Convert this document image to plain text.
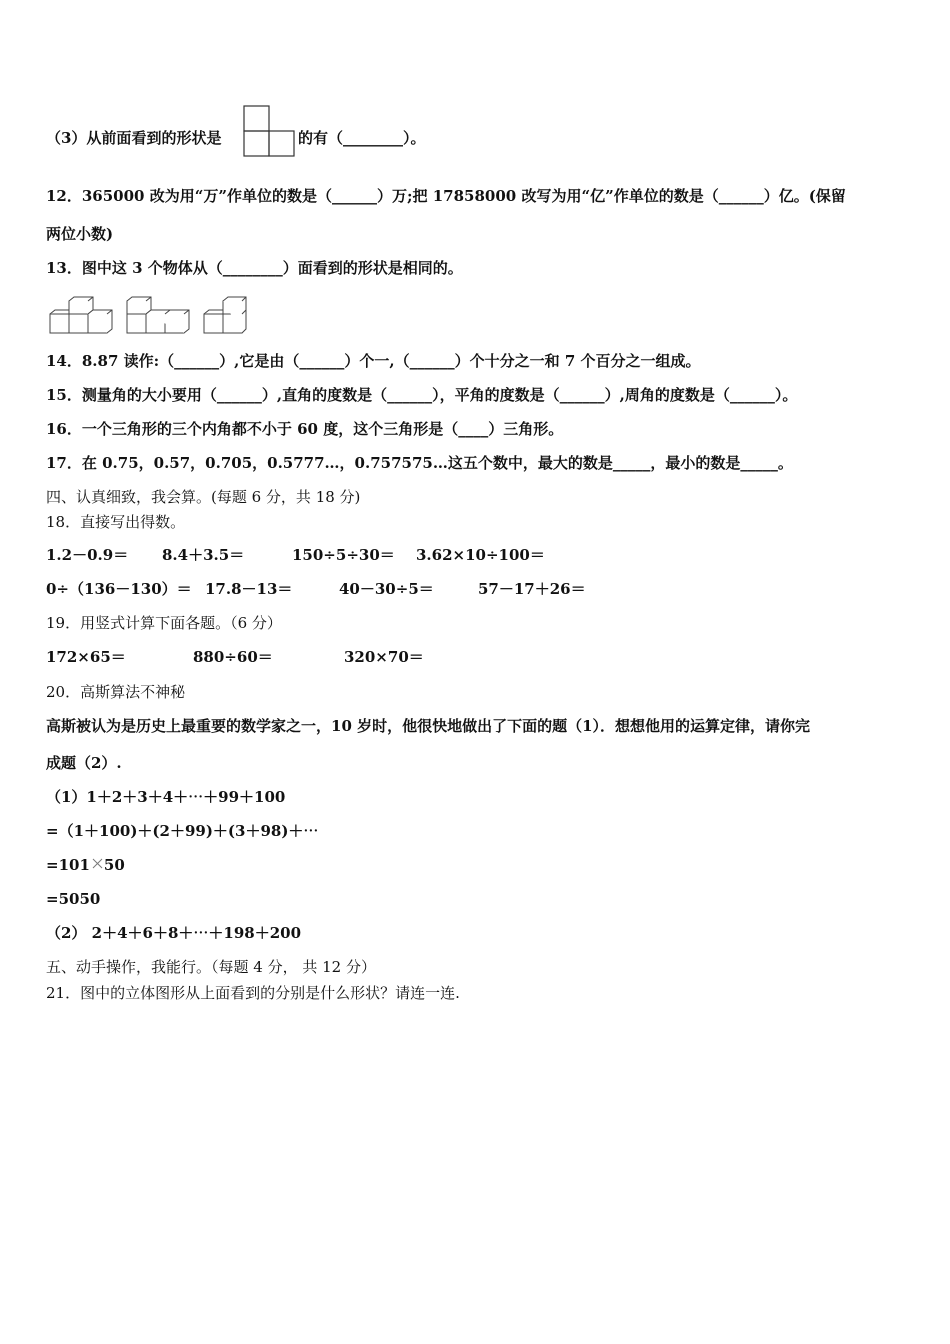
（3）从前面看到的形状是	的有（________）。
12．365000 改为用“万”作单位的数是（______）万;把 17858000 改写为用“亿”作单位的数是（______）亿。(保留
两位小数)
13．图中这 3 个物体从（________）面看到的形状是相同的。
14．8.87 读作:（______）,它是由（______）个一,（______）个十分之一和 7 个百分之一组成。
15．测量角的大小要用（______）,直角的度数是（______），平角的度数是（______）,周角的度数是（______）。
16．一个三角形的三个内角都不小于 60 度，这个三角形是（____）三角形。
17．在 0.75，0.57，0.705，0.5777…，0.757575…这五个数中，最大的数是_____，最小的数是_____。
四、认真细致，我会算。(每题 6 分，共 18 分)
18．直接写出得数。
1.2－0.9＝ 8.4＋3.5＝	150÷5÷30＝ 3.62×10÷100＝
0÷（136－130）＝ 17.8－13＝	40－30÷5＝	57－17＋26＝
19．用竖式计算下面各题。（6 分）
172×65＝	880÷60＝	320×70＝
20．高斯算法不神秘
高斯被认为是历史上最重要的数学家之一，10 岁时，他很快地做出了下面的题（1）．想想他用的运算定律，请你完
成题（2）.
（1）1＋2＋3＋4＋⋯＋99＋100
=（1＋100)＋(2＋99)＋(3＋98)＋⋯
=101 50
=5050
（2） 2＋4＋6＋8＋⋯＋198＋200
五、动手操作，我能行。（每题 4 分， 共 12 分）
21．图中的立体图形从上面看到的分别是什么形状？请连一连.
